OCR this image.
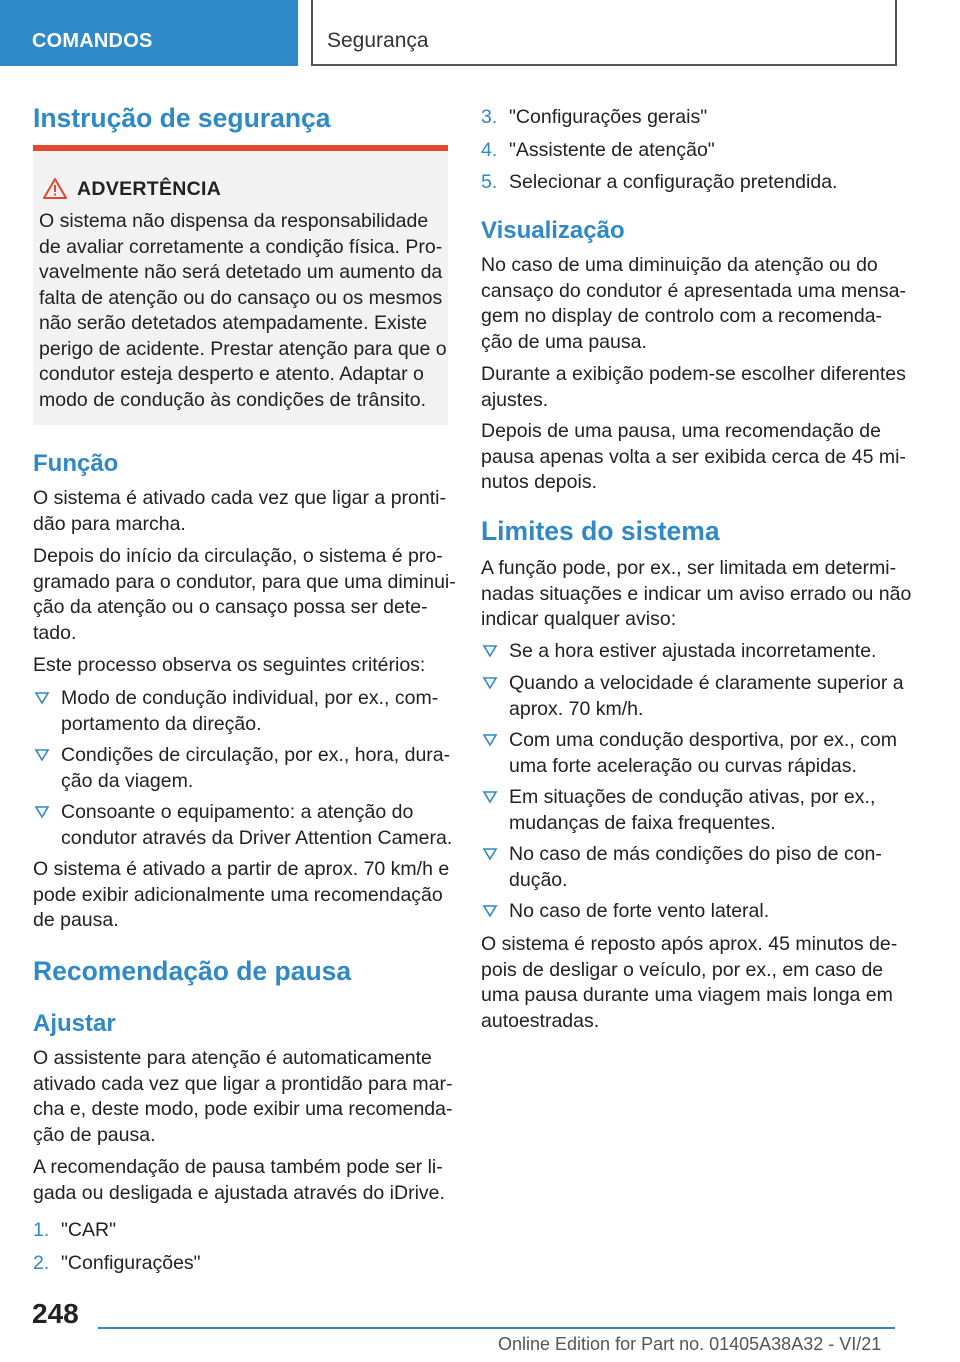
COMANDOS	Segurança
Instrução de segurança
ADVERTÊNCIA

O sistema não dispensa da responsabilidade
de avaliar corretamente a condição física. Pro-
vavelmente não será detetado um aumento da
falta de atenção ou do cansaço ou os mesmos
não serão detetados atempadamente. Existe
perigo de acidente. Prestar atenção para que o
condutor esteja desperto e atento. Adaptar o
modo de condução às condições de trânsito.

Função

O sistema é ativado cada vez que ligar a pronti-
dão para marcha.

Depois do início da circulação, o sistema é pro-
gramado para o condutor, para que uma diminui-
ção da atenção ou o cansaço possa ser dete-
tado.

Este processo observa os seguintes critérios:

Modo de condução individual, por ex., com-
portamento da direção.
Condições de circulação, por ex., hora, dura-
ção da viagem.
Consoante o equipamento: a atenção do
condutor através da Driver Attention Camera.

O sistema é ativado a partir de aprox. 70 km/h e
pode exibir adicionalmente uma recomendação
de pausa.

Recomendação de pausa
Ajustar

O assistente para atenção é automaticamente
ativado cada vez que ligar a prontidão para mar-
cha e, deste modo, pode exibir uma recomenda-
ção de pausa.

A recomendação de pausa também pode ser li-
gada ou desligada e ajustada através do iDrive.

1. "CAR"
2. "Configurações"
3. "Configurações gerais"
4. "Assistente de atenção"
5. Selecionar a configuração pretendida.
Visualização

No caso de uma diminuição da atenção ou do
cansaço do condutor é apresentada uma mensa-
gem no display de controlo com a recomenda-
ção de uma pausa.

Durante a exibição podem-se escolher diferentes
ajustes.

Depois de uma pausa, uma recomendação de
pausa apenas volta a ser exibida cerca de 45 mi-
nutos depois.

Limites do sistema

A função pode, por ex., ser limitada em determi-
nadas situações e indicar um aviso errado ou não
indicar qualquer aviso:

Se a hora estiver ajustada incorretamente.
Quando a velocidade é claramente superior a
aprox. 70 km/h.
Com uma condução desportiva, por ex., com
uma forte aceleração ou curvas rápidas.
Em situações de condução ativas, por ex.,
mudanças de faixa frequentes.
No caso de más condições do piso de con-
dução.
No caso de forte vento lateral.

O sistema é reposto após aprox. 45 minutos de-
pois de desligar o veículo, por ex., em caso de
uma pausa durante uma viagem mais longa em
autoestradas.

248
Online Edition for Part no. 01405A38A32 - VI/21
